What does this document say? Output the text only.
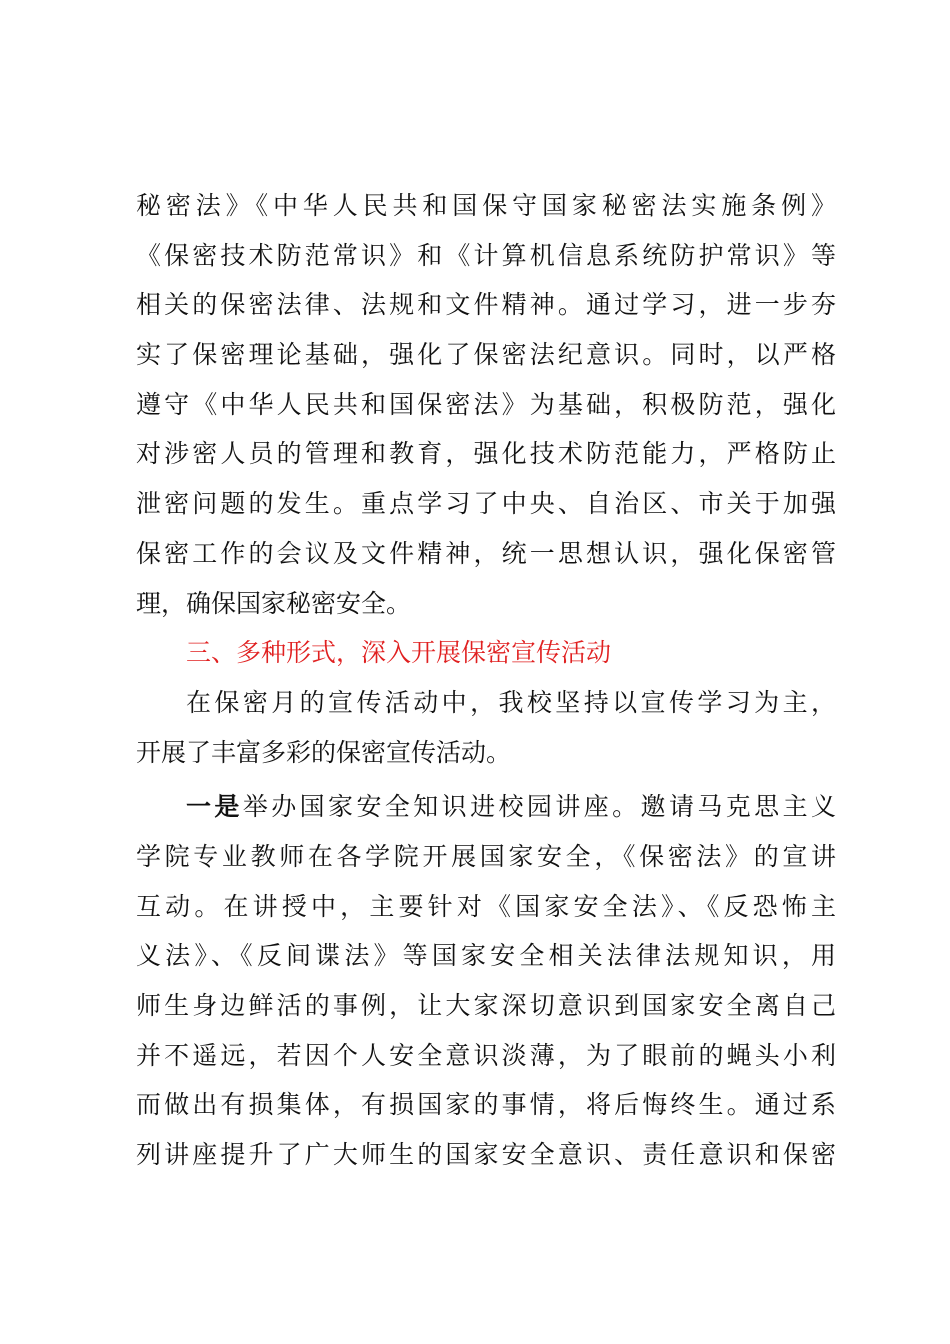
秘密法》《中华人民共和国保守国家秘密法实施条例》
《保密技术防范常识》和《计算机信息系统防护常识》等
相关的保密法律、法规和文件精神。通过学习，进一步夯
实了保密理论基础，强化了保密法纪意识。同时，以严格
遵守《中华人民共和国保密法》为基础，积极防范，强化
对涉密人员的管理和教育，强化技术防范能力，严格防止
泄密问题的发生。重点学习了中央、自治区、市关于加强
保密工作的会议及文件精神，统一思想认识，强化保密管
理，确保国家秘密安全。
三、多种形式，深入开展保密宣传活动
在保密月的宣传活动中，我校坚持以宣传学习为主，
开展了丰富多彩的保密宣传活动。
一是举办国家安全知识进校园讲座。邀请马克思主义
学院专业教师在各学院开展国家安全，《保密法》的宣讲
互动。在讲授中，主要针对《国家安全法》、《反恐怖主
义法》、《反间谍法》等国家安全相关法律法规知识，用
师生身边鲜活的事例，让大家深切意识到国家安全离自己
并不遥远，若因个人安全意识淡薄，为了眼前的蝇头小利
而做出有损集体，有损国家的事情，将后悔终生。通过系
列讲座提升了广大师生的国家安全意识、责任意识和保密
